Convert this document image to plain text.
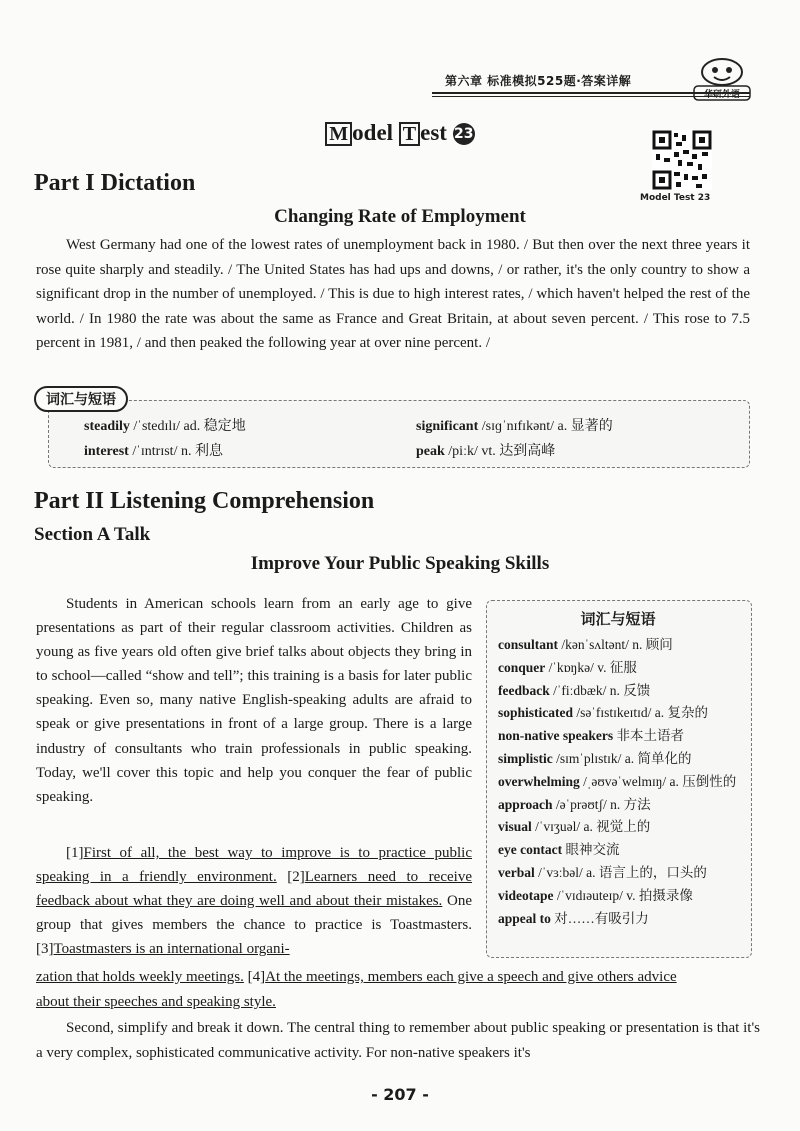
第六章 标准模拟525题·答案详解
华研外语
M odel T est 23
Model Test 23
Part I Dictation
Changing Rate of Employment

West Germany had one of the lowest rates of unemployment back in 1980. / But then over the next three years it rose quite sharply and steadily. / The United States has had ups and downs, / or rather, it's the only country to show a significant drop in the number of unemployed. / This is due to high interest rates, / which haven't helped the rest of the world. / In 1980 the rate was about the same as France and Great Britain, at about seven percent. / This rose to 7.5 percent in 1981, / and then peaked the following year at over nine percent. /

词汇与短语
steadily /ˈstedɪlɪ/ ad. 稳定地	significant /sɪɡˈnɪfɪkənt/ a. 显著的
interest /ˈɪntrɪst/ n. 利息	peak /piːk/ vt. 达到高峰
Part II Listening Comprehension
Section A Talk
Improve Your Public Speaking Skills

Students in American schools learn from an early age to give presentations as part of their regular classroom activities. Children as young as five years old often give brief talks about objects they bring in to school—called “show and tell”; this training is a basis for later public speaking. Even so, many native English-speaking adults are afraid to speak or give presentations in front of a large group. There is a large industry of consultants who train professionals in public speaking. Today, we'll cover this topic and help you conquer the fear of public speaking.

[1]First of all, the best way to improve is to practice public speaking in a friendly environment. [2]Learners need to receive feedback about what they are doing well and about their mistakes. One group that gives members the chance to practice is Toastmasters. [3]Toastmasters is an international organi-

zation that holds weekly meetings. [4]At the meetings, members each give a speech and give others advice

about their speeches and speaking style.

Second, simplify and break it down. The central thing to remember about public speaking or presentation is that it's a very complex, sophisticated communicative activity. For non-native speakers it's

词汇与短语
consultant /kənˈsʌltənt/ n. 顾问
conquer /ˈkɒŋkə/ v. 征服
feedback /ˈfiːdbæk/ n. 反馈
sophisticated /səˈfɪstɪkeɪtɪd/ a. 复杂的
non-native speakers 非本土语者
simplistic /sɪmˈplɪstɪk/ a. 简单化的
overwhelming /ˌəʊvəˈwelmɪŋ/ a. 压倒性的
approach /əˈprəʊtʃ/ n. 方法
visual /ˈvɪʒuəl/ a. 视觉上的
eye contact 眼神交流
verbal /ˈvɜːbəl/ a. 语言上的，口头的
videotape /ˈvɪdɪəuteɪp/ v. 拍摄录像
appeal to 对……有吸引力
- 207 -
